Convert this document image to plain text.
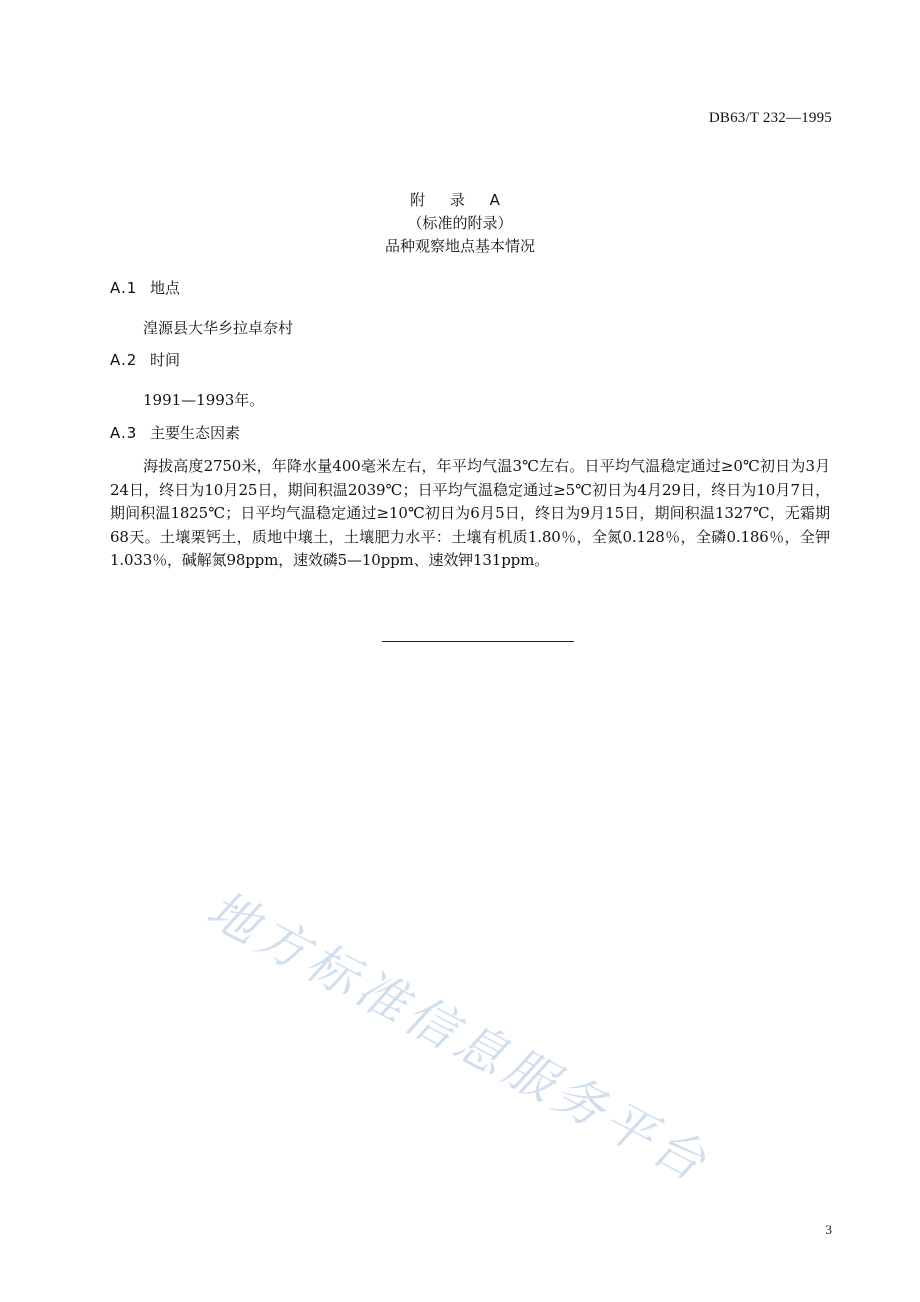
DB63/T 232—1995
附 录 A
（标准的附录）
品种观察地点基本情况
A.1 地点
湟源县大华乡拉卓奈村
A.2 时间
1991—1993年。
A.3 主要生态因素
海拔高度2750米，年降水量400毫米左右，年平均气温3℃左右。日平均气温稳定通过≥0℃初日为3月24日，终日为10月25日，期间积温2039℃；日平均气温稳定通过≥5℃初日为4月29日，终日为10月7日，期间积温1825℃；日平均气温稳定通过≥10℃初日为6月5日，终日为9月15日，期间积温1327℃，无霜期68天。土壤栗钙土，质地中壤土，土壤肥力水平：土壤有机质1.80％，全氮0.128％，全磷0.186％，全钾1.033％，碱解氮98ppm，速效磷5—10ppm、速效钾131ppm。
地方标准信息服务平台
3
